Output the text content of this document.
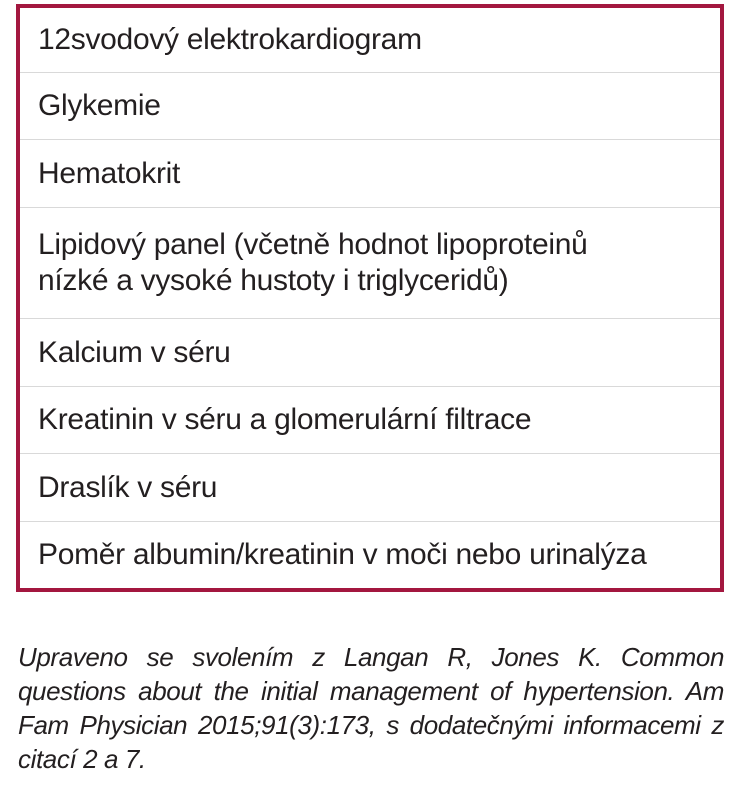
12svodový elektrokardiogram
Glykemie
Hematokrit
Lipidový panel (včetně hodnot lipoproteinů
nízké a vysoké hustoty i triglyceridů)
Kalcium v séru
Kreatinin v séru a glomerulární filtrace
Draslík v séru
Poměr albumin/kreatinin v moči nebo urinalýza

Upraveno se svolením z Langan R, Jones K. Common questions about the initial management of hypertension. Am Fam Physician 2015;91(3):173, s dodatečnými informacemi z citací 2 a 7.
